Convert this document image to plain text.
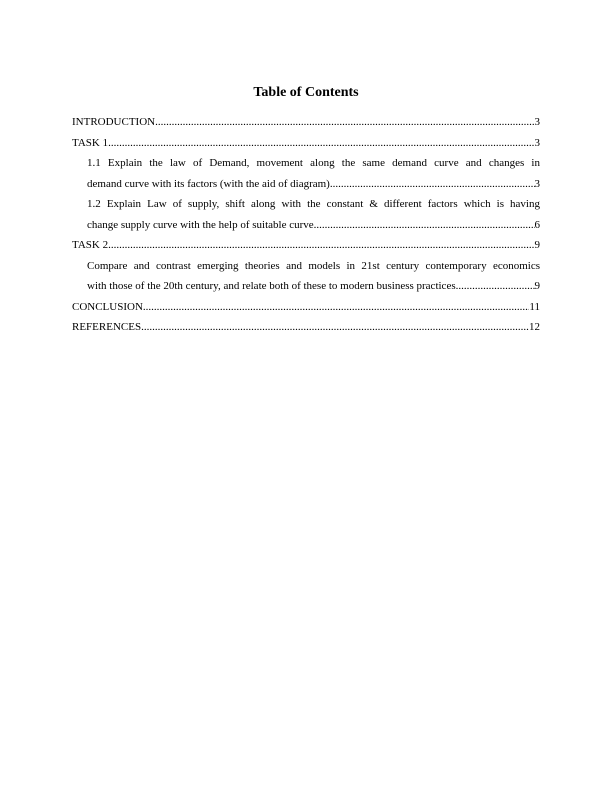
Table of Contents
INTRODUCTION .....	3
TASK 1 .....	3
1.1 Explain the law of Demand, movement along the same demand curve and changes in
demand curve with its factors (with the aid of diagram) .....	3
1.2 Explain Law of supply, shift along with the constant & different factors which is having
change supply curve with the help of suitable curve .....	6
TASK 2 .....	9
Compare and contrast emerging theories and models in 21st century contemporary economics
with those of the 20th century, and relate both of these to modern business practices .....	9
CONCLUSION .....	11
REFERENCES .....	12
